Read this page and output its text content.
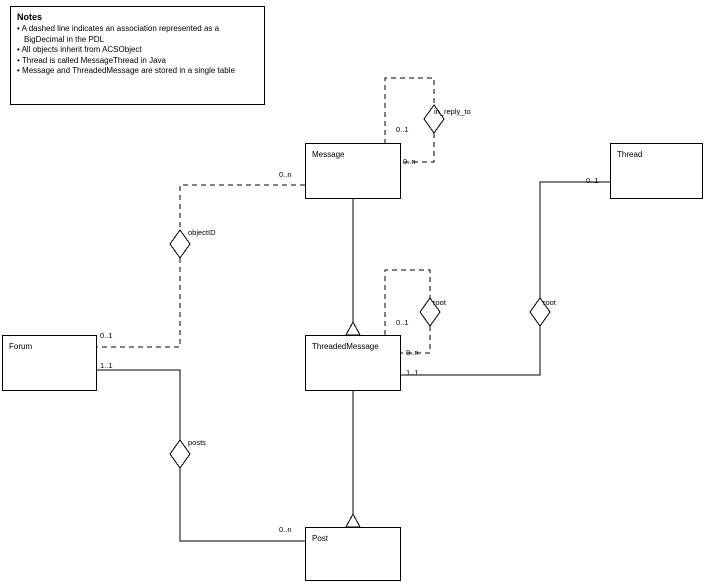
Notes
• A dashed line indicates an association represented as a BigDecimal in the PDL
• All objects inherit from ACSObject
• Thread is called MessageThread in Java
• Message and ThreadedMessage are stored in a single table
Message	Thread
Forum	ThreadedMessage
Post
in_reply_to
objectID
root	root
posts
0..1
0..n
0..n
0..1
0..1
0..n
0..1
1..1
1..1
0..n
